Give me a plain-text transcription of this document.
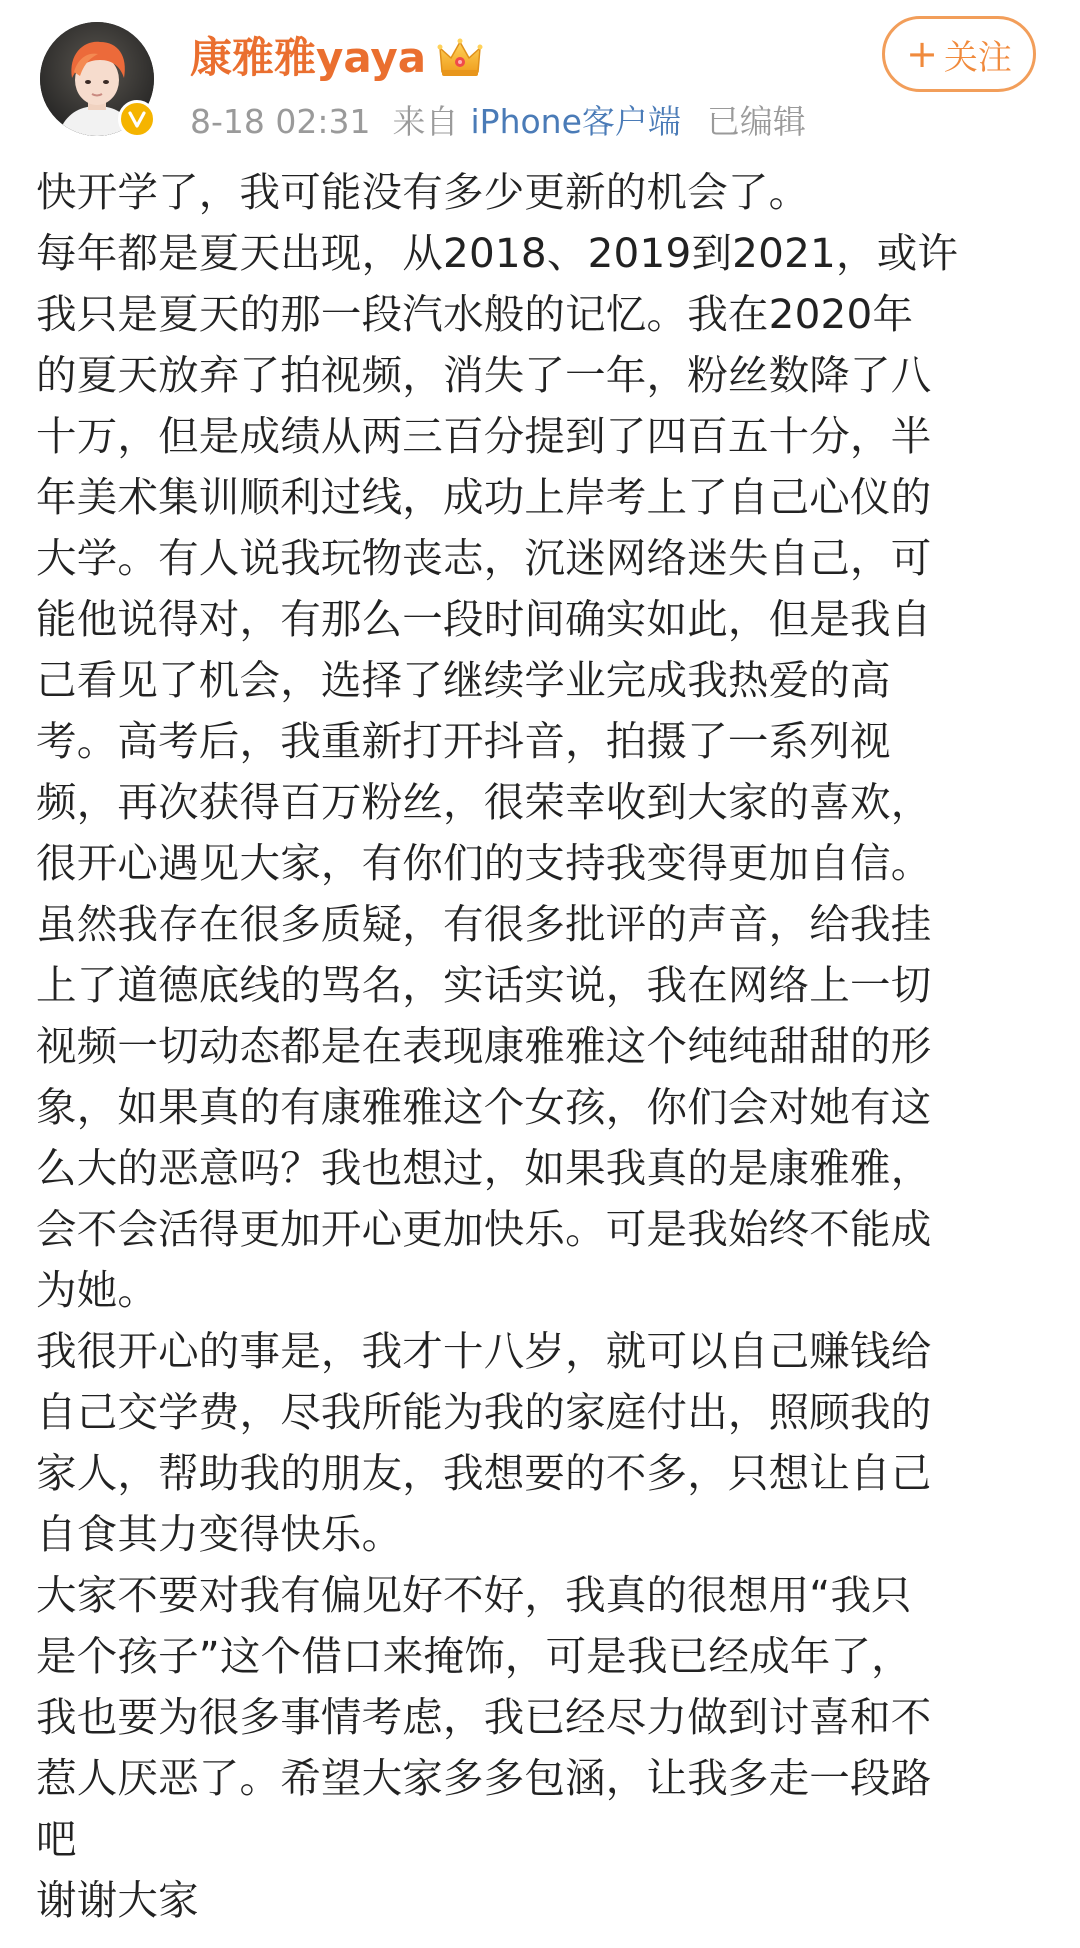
康雅雅yaya
8-18 02:31 来自 iPhone客户端 已编辑
+ 关注
快开学了，我可能没有多少更新的机会了。
每年都是夏天出现，从2018、2019到2021，或许
我只是夏天的那一段汽水般的记忆。我在2020年
的夏天放弃了拍视频，消失了一年，粉丝数降了八
十万，但是成绩从两三百分提到了四百五十分，半
年美术集训顺利过线，成功上岸考上了自己心仪的
大学。有人说我玩物丧志，沉迷网络迷失自己，可
能他说得对，有那么一段时间确实如此，但是我自
己看见了机会，选择了继续学业完成我热爱的高
考。高考后，我重新打开抖音，拍摄了一系列视
频，再次获得百万粉丝，很荣幸收到大家的喜欢，
很开心遇见大家，有你们的支持我变得更加自信。
虽然我存在很多质疑，有很多批评的声音，给我挂
上了道德底线的骂名，实话实说，我在网络上一切
视频一切动态都是在表现康雅雅这个纯纯甜甜的形
象，如果真的有康雅雅这个女孩，你们会对她有这
么大的恶意吗？我也想过，如果我真的是康雅雅，
会不会活得更加开心更加快乐。可是我始终不能成
为她。
我很开心的事是，我才十八岁，就可以自己赚钱给
自己交学费，尽我所能为我的家庭付出，照顾我的
家人，帮助我的朋友，我想要的不多，只想让自己
自食其力变得快乐。
大家不要对我有偏见好不好，我真的很想用“我只
是个孩子”这个借口来掩饰，可是我已经成年了，
我也要为很多事情考虑，我已经尽力做到讨喜和不
惹人厌恶了。希望大家多多包涵，让我多走一段路
吧
谢谢大家
